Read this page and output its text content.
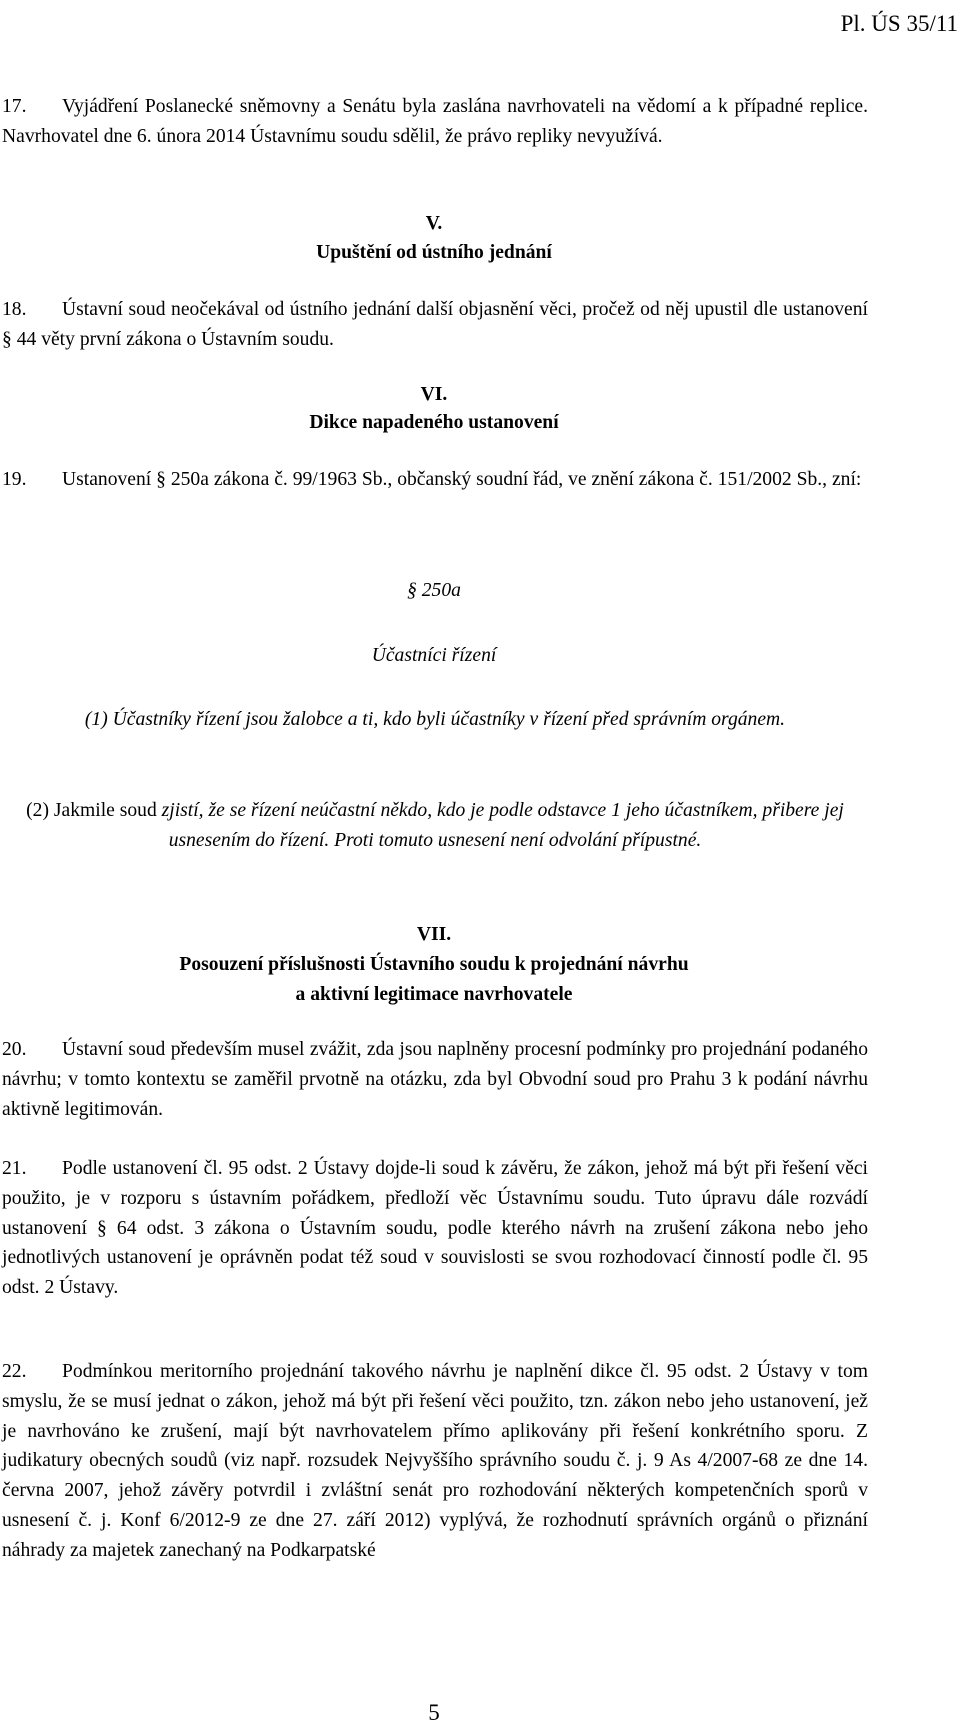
Pl. ÚS 35/11

17. Vyjádření Poslanecké sněmovny a Senátu byla zaslána navrhovateli na vědomí a k případné replice. Navrhovatel dne 6. února 2014 Ústavnímu soudu sdělil, že právo repliky nevyužívá.

V.
Upuštění od ústního jednání

18. Ústavní soud neočekával od ústního jednání další objasnění věci, pročež od něj upustil dle ustanovení § 44 věty první zákona o Ústavním soudu.

VI.
Dikce napadeného ustanovení

19. Ustanovení § 250a zákona č. 99/1963 Sb., občanský soudní řád, ve znění zákona č. 151/2002 Sb., zní:

§ 250a
Účastníci řízení

(1) Účastníky řízení jsou žalobce a ti, kdo byli účastníky v řízení před správním orgánem.

(2) Jakmile soud zjistí, že se řízení neúčastní někdo, kdo je podle odstavce 1 jeho účastníkem, přibere jej usnesením do řízení. Proti tomuto usnesení není odvolání přípustné.

VII.
Posouzení příslušnosti Ústavního soudu k projednání návrhu
a aktivní legitimace navrhovatele

20. Ústavní soud především musel zvážit, zda jsou naplněny procesní podmínky pro projednání podaného návrhu; v tomto kontextu se zaměřil prvotně na otázku, zda byl Obvodní soud pro Prahu 3 k podání návrhu aktivně legitimován.

21. Podle ustanovení čl. 95 odst. 2 Ústavy dojde-li soud k závěru, že zákon, jehož má být při řešení věci použito, je v rozporu s ústavním pořádkem, předloží věc Ústavnímu soudu. Tuto úpravu dále rozvádí ustanovení § 64 odst. 3 zákona o Ústavním soudu, podle kterého návrh na zrušení zákona nebo jeho jednotlivých ustanovení je oprávněn podat též soud v souvislosti se svou rozhodovací činností podle čl. 95 odst. 2 Ústavy.

22. Podmínkou meritorního projednání takového návrhu je naplnění dikce čl. 95 odst. 2 Ústavy v tom smyslu, že se musí jednat o zákon, jehož má být při řešení věci použito, tzn. zákon nebo jeho ustanovení, jež je navrhováno ke zrušení, mají být navrhovatelem přímo aplikovány při řešení konkrétního sporu. Z judikatury obecných soudů (viz např. rozsudek Nejvyššího správního soudu č. j. 9 As 4/2007-68 ze dne 14. června 2007, jehož závěry potvrdil i zvláštní senát pro rozhodování některých kompetenčních sporů v usnesení č. j. Konf 6/2012-9 ze dne 27. září 2012) vyplývá, že rozhodnutí správních orgánů o přiznání náhrady za majetek zanechaný na Podkarpatské

5
